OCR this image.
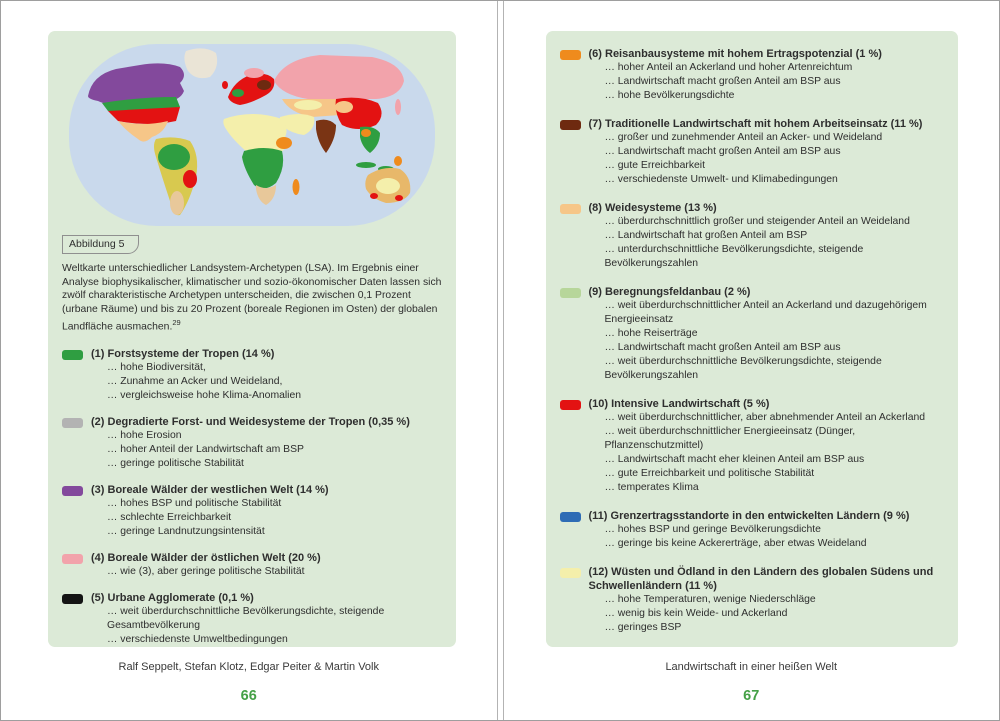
Abbildung 5

Weltkarte unterschiedlicher Landsystem-Archetypen (LSA). Im Ergebnis einer Analyse biophysikalischer, klimatischer und sozio-ökonomischer Daten lassen sich zwölf charakteristische Archetypen unterscheiden, die zwischen 0,1 Prozent (urbane Räume) und bis zu 20 Prozent (boreale Regionen im Osten) der globalen Landfläche ausmachen.$^{29}$

(1) Forstsysteme der Tropen (14 %)
… hohe Biodiversität,
… Zunahme an Acker und Weideland,
… vergleichsweise hohe Klima-Anomalien
(2) Degradierte Forst- und Weidesysteme der Tropen (0,35 %)
… hohe Erosion
… hoher Anteil der Landwirtschaft am BSP
… geringe politische Stabilität
(3) Boreale Wälder der westlichen Welt (14 %)
… hohes BSP und politische Stabilität
… schlechte Erreichbarkeit
… geringe Landnutzungsintensität
(4) Boreale Wälder der östlichen Welt (20 %)
… wie (3), aber geringe politische Stabilität
(5) Urbane Agglomerate (0,1 %)
… weit überdurchschnittliche Bevölkerungsdichte, steigende Gesamtbevölkerung
… verschiedenste Umweltbedingungen
Ralf Seppelt, Stefan Klotz, Edgar Peiter & Martin Volk
66
(6) Reisanbausysteme mit hohem Ertragspotenzial (1 %)
… hoher Anteil an Ackerland und hoher Artenreichtum
… Landwirtschaft macht großen Anteil am BSP aus
… hohe Bevölkerungsdichte
(7) Traditionelle Landwirtschaft mit hohem Arbeitseinsatz (11 %)
… großer und zunehmender Anteil an Acker- und Weideland
… Landwirtschaft macht großen Anteil am BSP aus
… gute Erreichbarkeit
… verschiedenste Umwelt- und Klimabedingungen
(8) Weidesysteme (13 %)
… überdurchschnittlich großer und steigender Anteil an Weideland
… Landwirtschaft hat großen Anteil am BSP
… unterdurchschnittliche Bevölkerungsdichte, steigende Bevölkerungszahlen
(9) Beregnungsfeldanbau (2 %)
… weit überdurchschnittlicher Anteil an Ackerland und dazugehörigem Energieeinsatz
… hohe Reiserträge
… Landwirtschaft macht großen Anteil am BSP aus
… weit überdurchschnittliche Bevölkerungsdichte, steigende Bevölkerungszahlen
(10) Intensive Landwirtschaft (5 %)
… weit überdurchschnittlicher, aber abnehmender Anteil an Ackerland
… weit überdurchschnittlicher Energieeinsatz (Dünger, Pflanzenschutzmittel)
… Landwirtschaft macht eher kleinen Anteil am BSP aus
… gute Erreichbarkeit und politische Stabilität
… temperates Klima
(11) Grenzertragsstandorte in den entwickelten Ländern (9 %)
… hohes BSP und geringe Bevölkerungsdichte
… geringe bis keine Ackererträge, aber etwas Weideland
(12) Wüsten und Ödland in den Ländern des globalen Südens und Schwellenländern (11 %)
… hohe Temperaturen, wenige Niederschläge
… wenig bis kein Weide- und Ackerland
… geringes BSP
Landwirtschaft in einer heißen Welt
67
